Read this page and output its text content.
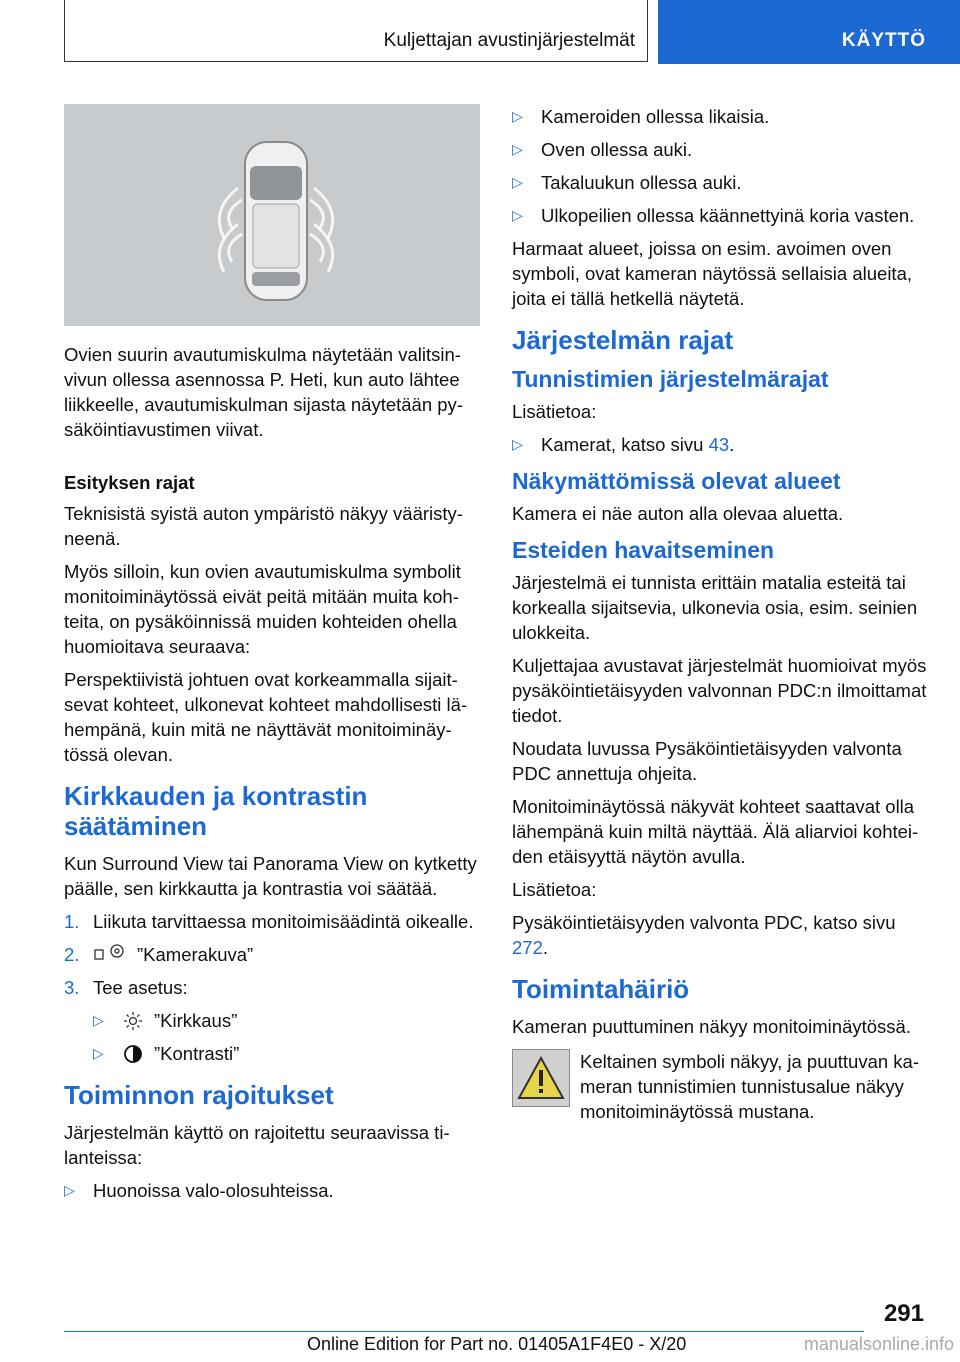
Kuljettajan avustinjärjestelmät	KÄYTTÖ

Ovien suurin avautumiskulma näytetään valitsinvivun ollessa asennossa P. Heti, kun auto lähtee liikkeelle, avautumiskulman sijasta näytetään pysäköintiavustimen viivat.

Esityksen rajat

Teknisistä syistä auton ympäristö näkyy vääristyneenä.

Myös silloin, kun ovien avautumiskulma symbolit monitoiminäytössä eivät peitä mitään muita kohteita, on pysäköinnissä muiden kohteiden ohella huomioitava seuraava:

Perspektiivistä johtuen ovat korkeammalla sijaitsevat kohteet, ulkonevat kohteet mahdollisesti lähempänä, kuin mitä ne näyttävät monitoiminäytössä olevan.

Kirkkauden ja kontrastin säätäminen

Kun Surround View tai Panorama View on kytketty päälle, sen kirkkautta ja kontrastia voi säätää.

1. Liikuta tarvittaessa monitoimisäädintä oikealle.
2.	”Kamerakuva”
3. Tee asetus:
▷	”Kirkkaus”
▷	”Kontrasti”
Toiminnon rajoitukset

Järjestelmän käyttö on rajoitettu seuraavissa tilanteissa:

▷ Huonoissa valo-olosuhteissa.
▷ Kameroiden ollessa likaisia.
▷ Oven ollessa auki.
▷ Takaluukun ollessa auki.
▷ Ulkopeilien ollessa käännettyinä koria vasten.

Harmaat alueet, joissa on esim. avoimen oven symboli, ovat kameran näytössä sellaisia alueita, joita ei tällä hetkellä näytetä.

Järjestelmän rajat
Tunnistimien järjestelmärajat

Lisätietoa:

▷ Kamerat, katso sivu 43.
Näkymättömissä olevat alueet

Kamera ei näe auton alla olevaa aluetta.

Esteiden havaitseminen

Järjestelmä ei tunnista erittäin matalia esteitä tai korkealla sijaitsevia, ulkonevia osia, esim. seinien ulokkeita.

Kuljettajaa avustavat järjestelmät huomioivat myös pysäköintietäisyyden valvonnan PDC:n ilmoittamat tiedot.

Noudata luvussa Pysäköintietäisyyden valvonta PDC annettuja ohjeita.

Monitoiminäytössä näkyvät kohteet saattavat olla lähempänä kuin miltä näyttää. Älä aliarvioi kohteiden etäisyyttä näytön avulla.

Lisätietoa:

Pysäköintietäisyyden valvonta PDC, katso sivu 272.

Toimintahäiriö

Kameran puuttuminen näkyy monitoiminäytössä.

Keltainen symboli näkyy, ja puuttuvan kameran tunnistimien tunnistusalue näkyy monitoiminäytössä mustana.

291
Online Edition for Part no. 01405A1F4E0 - X/20	manualsonline.info
